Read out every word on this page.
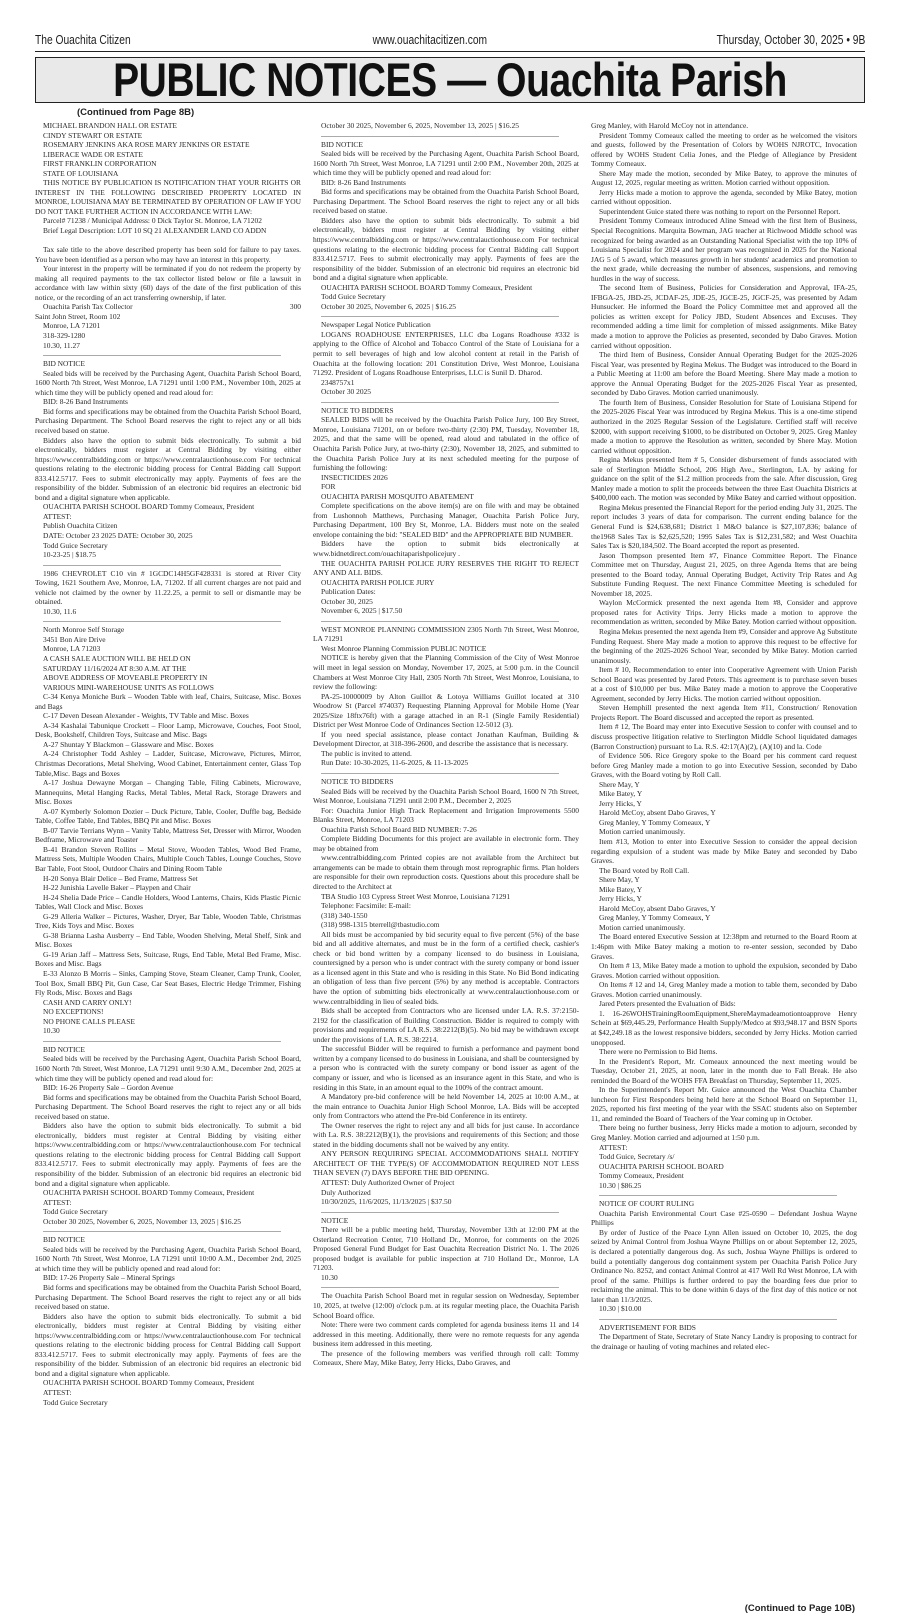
The Ouachita Citizen	www.ouachitacitizen.com	Thursday, October 30, 2025 • 9B
PUBLIC NOTICES — Ouachita Parish
(Continued from Page 8B)

MICHAEL BRANDON HALL OR ESTATE

CINDY STEWART OR ESTATE

ROSEMARY JENKINS AKA ROSE MARY JENKINS OR ESTATE

LIBERACE WADE OR ESTATE

FIRST FRANKLIN CORPORATION

STATE OF LOUISIANA

THIS NOTICE BY PUBLICATION IS NOTIFICATION THAT YOUR RIGHTS OR INTEREST IN THE FOLLOWING DESCRIBED PROPERTY LOCATED IN MONROE, LOUISIANA MAY BE TERMINATED BY OPERATION OF LAW IF YOU DO NOT TAKE FURTHER ACTION IN ACCORDANCE WITH LAW:

Parcel# 71238 / Municipal Address: 0 Dick Taylor St. Monroe, LA 71202

Brief Legal Description: LOT 10 SQ 21 ALEXANDER LAND CO ADDN

Tax sale title to the above described property has been sold for failure to pay taxes. You have been identified as a person who may have an interest in this property.

Your interest in the property will be terminated if you do not redeem the property by making all required payments to the tax collector listed below or file a lawsuit in accordance with law within sixty (60) days of the date of the first publication of this notice, or the recording of an act transferring ownership, if later.

Ouachita Parish Tax Collector	300

Saint John Street, Room 102

Monroe, LA 71201

318-329-1280

10.30, 11.27

BID NOTICE

Sealed bids will be received by the Purchasing Agent, Ouachita Parish School Board, 1600 North 7th Street, West Monroe, LA 71291 until 1:00 P.M., November 10th, 2025 at which time they will be publicly opened and read aloud for:

BID: 8-26 Band Instruments

Bid forms and specifications may be obtained from the Ouachita Parish School Board, Purchasing Department. The School Board reserves the right to reject any or all bids received based on statue.

Bidders also have the option to submit bids electronically. To submit a bid electronically, bidders must register at Central Bidding by visiting either https://www.centralbidding.com or https://www.centralauctionhouse.com For technical questions relating to the electronic bidding process for Central Bidding call Support 833.412.5717. Fees to submit electronically may apply. Payments of fees are the responsibility of the bidder. Submission of an electronic bid requires an electronic bid bond and a digital signature when applicable.

OUACHITA PARISH SCHOOL BOARD Tommy Comeaux, President

ATTEST:

Publish Ouachita Citizen

DATE: October 23 2025 DATE: October 30, 2025

Todd Guice Secretary

10-23-25 | $18.75

1986 CHEVROLET C10 vin # 1GCDC14H5GF428331 is stored at River City Towing, 1621 Southern Ave, Monroe, LA, 71202. If all current charges are not paid and vehicle not claimed by the owner by 11.22.25, a permit to sell or dismantle may be obtained.

10.30, 11.6

North Monroe Self Storage

3451 Bon Aire Drive

Monroe, LA 71203

A CASH SALE AUCTION WILL BE HELD ON

SATURDAY 11/16/2024 AT 8:30 A.M. AT THE

ABOVE ADDRESS OF MOVEABLE PROPERTY IN

VARIOUS MINI-WAREHOUSE UNITS AS FOLLOWS

C-34 Kenya Moniche Burk – Wooden Table with leaf, Chairs, Suitcase, Misc. Boxes and Bags

C-17 Deven Desean Alexander - Weights, TV Table and Misc. Boxes

A-34 Kashalai Tabunique Crockett – Floor Lamp, Microwave, Couches, Foot Stool, Desk, Bookshelf, Children Toys, Suitcase and Misc. Bags

A-27 Shuntay Y Blackmon – Glassware and Misc. Boxes

A-24 Christopher Todd Ashley – Ladder, Suitcase, Microwave, Pictures, Mirror, Christmas Decorations, Metal Shelving, Wood Cabinet, Entertainment center, Glass Top Table,Misc. Bags and Boxes

A-17 Joshua Dewayne Morgan – Changing Table, Filing Cabinets, Microwave, Mannequins, Metal Hanging Racks, Metal Tables, Metal Rack, Storage Drawers and Misc. Boxes

A-07 Kymberly Solomon Dozier – Duck Picture, Table, Cooler, Duffle bag, Bedside Table, Coffee Table, End Tables, BBQ Pit and Misc. Boxes

B-07 Tarvie Terrians Wynn – Vanity Table, Mattress Set, Dresser with Mirror, Wooden Bedframe, Microwave and Toaster

B-41 Brandon Steven Rollins – Metal Stove, Wooden Tables, Wood Bed Frame, Mattress Sets, Multiple Wooden Chairs, Multiple Couch Tables, Lounge Couches, Stove Bar Table, Foot Stool, Outdoor Chairs and Dining Room Table

H-20 Sonya Blair Delice – Bed Frame, Mattress Set

H-22 Junishia Lavelle Baker – Playpen and Chair

H-24 Shelia Dade Price – Candle Holders, Wood Lanterns, Chairs, Kids Plastic Picnic Tables, Wall Clock and Misc. Boxes

G-29 Alleria Walker – Pictures, Washer, Dryer, Bar Table, Wooden Table, Christmas Tree, Kids Toys and Misc. Boxes

G-38 Brianna Lasha Ausberry – End Table, Wooden Shelving, Metal Shelf, Sink and Misc. Boxes

G-19 Arian Jaff – Mattress Sets, Suitcase, Rugs, End Table, Metal Bed Frame, Misc. Boxes and Misc. Bags

E-33 Alonzo B Morris – Sinks, Camping Stove, Steam Cleaner, Camp Trunk, Cooler, Tool Box, Small BBQ Pit, Gun Case, Car Seat Bases, Electric Hedge Trimmer, Fishing Fly Rods, Misc. Boxes and Bags

CASH AND CARRY ONLY!

NO EXCEPTIONS!

NO PHONE CALLS PLEASE

10.30

BID NOTICE

Sealed bids will be received by the Purchasing Agent, Ouachita Parish School Board, 1600 North 7th Street, West Monroe, LA 71291 until 9:30 A.M., December 2nd, 2025 at which time they will be publicly opened and read aloud for:

BID: 16-26 Property Sale – Gordon Avenue

Bid forms and specifications may be obtained from the Ouachita Parish School Board, Purchasing Department. The School Board reserves the right to reject any or all bids received based on statue.

Bidders also have the option to submit bids electronically. To submit a bid electronically, bidders must register at Central Bidding by visiting either https://www.centralbidding.com or https://www.centralauctionhouse.com For technical questions relating to the electronic bidding process for Central Bidding call Support 833.412.5717. Fees to submit electronically may apply. Payments of fees are the responsibility of the bidder. Submission of an electronic bid requires an electronic bid bond and a digital signature when applicable.

OUACHITA PARISH SCHOOL BOARD Tommy Comeaux, President

ATTEST:

Todd Guice Secretary

October 30 2025, November 6, 2025, November 13, 2025 | $16.25

BID NOTICE

Sealed bids will be received by the Purchasing Agent, Ouachita Parish School Board, 1600 North 7th Street, West Monroe, LA 71291 until 10:00 A.M., December 2nd, 2025 at which time they will be publicly opened and read aloud for:

BID: 17-26 Property Sale – Mineral Springs

Bid forms and specifications may be obtained from the Ouachita Parish School Board, Purchasing Department. The School Board reserves the right to reject any or all bids received based on statue.

Bidders also have the option to submit bids electronically. To submit a bid electronically, bidders must register at Central Bidding by visiting either https://www.centralbidding.com or https://www.centralauctionhouse.com For technical questions relating to the electronic bidding process for Central Bidding call Support 833.412.5717. Fees to submit electronically may apply. Payments of fees are the responsibility of the bidder. Submission of an electronic bid requires an electronic bid bond and a digital signature when applicable.

OUACHITA PARISH SCHOOL BOARD Tommy Comeaux, President

ATTEST:

Todd Guice Secretary

October 30 2025, November 6, 2025, November 13, 2025 | $16.25

BID NOTICE

Sealed bids will be received by the Purchasing Agent, Ouachita Parish School Board, 1600 North 7th Street, West Monroe, LA 71291 until 2:00 P.M., November 20th, 2025 at which time they will be publicly opened and read aloud for:

BID: 8-26 Band Instruments

Bid forms and specifications may be obtained from the Ouachita Parish School Board, Purchasing Department. The School Board reserves the right to reject any or all bids received based on statue.

Bidders also have the option to submit bids electronically. To submit a bid electronically, bidders must register at Central Bidding by visiting either https://www.centralbidding.com or https://www.centralauctionhouse.com For technical questions relating to the electronic bidding process for Central Bidding call Support 833.412.5717. Fees to submit electronically may apply. Payments of fees are the responsibility of the bidder. Submission of an electronic bid requires an electronic bid bond and a digital signature when applicable.

OUACHITA PARISH SCHOOL BOARD Tommy Comeaux, President

Todd Guice Secretary

October 30 2025, November 6, 2025 | $16.25

Newspaper Legal Notice Publication

LOGANS ROADHOUSE ENTERPRISES, LLC dba Logans Roadhouse #332 is applying to the Office of Alcohol and Tobacco Control of the State of Louisiana for a permit to sell beverages of high and low alcohol content at retail in the Parish of Ouachita at the following location: 201 Constitution Drive, West Monroe, Louisiana 71292. President of Logans Roadhouse Enterprises, LLC is Sunil D. Dharod.

2348757x1

October 30 2025

NOTICE TO BIDDERS

SEALED BIDS will be received by the Ouachita Parish Police Jury, 100 Bry Street, Monroe, Louisiana 71201, on or before two-thirty (2:30) PM, Tuesday, November 18, 2025, and that the same will be opened, read aloud and tabulated in the office of Ouachita Parish Police Jury, at two-thirty (2:30), November 18, 2025, and submitted to the Ouachita Parish Police Jury at its next scheduled meeting for the purpose of furnishing the following:

INSECTICIDES 2026

FOR

OUACHITA PARISH MOSQUITO ABATEMENT

Complete specifications on the above item(s) are on file with and may be obtained from Lushonnoh Matthews, Purchasing Manager, Ouachita Parish Police Jury, Purchasing Department, 100 Bry St, Monroe, LA. Bidders must note on the sealed envelope containing the bid: "SEALED BID" and the APPROPRIATE BID NUMBER.

Bidders have the option to submit bids electronically at www.bidnetdirect.com/ouachitaparishpolicejury .

THE OUACHITA PARISH POLICE JURY RESERVES THE RIGHT TO REJECT ANY AND ALL BIDS.

OUACHITA PARISH POLICE JURY

Publication Dates:

October 30, 2025

November 6, 2025 | $17.50

WEST MONROE PLANNING COMMISSION 2305 North 7th Street, West Monroe, LA 71291

West Monroe Planning Commission PUBLIC NOTICE

NOTICE is hereby given that the Planning Commission of the City of West Monroe will meet in legal session on Monday, November 17, 2025, at 5:00 p.m. in the Council Chambers at West Monroe City Hall, 2305 North 7th Street, West Monroe, Louisiana, to review the following:

PA-25-10000009 by Alton Guillot & Lotoya Williams Guillot located at 310 Woodrow St (Parcel #74037) Requesting Planning Approval for Mobile Home (Year 2025/Size 18ftx76ft) with a garage attached in an R-1 (Single Family Residential) District per West Monroe Code of Ordinances Section 12-5012 (3).

If you need special assistance, please contact Jonathan Kaufman, Building & Development Director, at 318-396-2600, and describe the assistance that is necessary.

The public is invited to attend.

Run Date: 10-30-2025, 11-6-2025, & 11-13-2025

NOTICE TO BIDDERS

Sealed Bids will be received by the Ouachita Parish School Board, 1600 N 7th Street, West Monroe, Louisiana 71291 until 2:00 P.M., December 2, 2025

For: Ouachita Junior High Track Replacement and Irrigation Improvements 5500 Blanks Street, Monroe, LA 71203

Ouachita Parish School Board BID NUMBER: 7-26

Complete Bidding Documents for this project are available in electronic form. They may be obtained from

www.centralbidding.com Printed copies are not available from the Architect but arrangements can be made to obtain them through most reprographic firms. Plan holders are responsible for their own reproduction costs. Questions about this procedure shall be directed to the Architect at

TBA Studio 103 Cypress Street West Monroe, Louisiana 71291

Telephone: Facsimile: E-mail:

(318) 340-1550

(318) 998-1315 bterrell@tbastudio.com

All bids must be accompanied by bid security equal to five percent (5%) of the base bid and all additive alternates, and must be in the form of a certified check, cashier's check or bid bond written by a company licensed to do business in Louisiana, countersigned by a person who is under contract with the surety company or bond issuer as a licensed agent in this State and who is residing in this State. No Bid Bond indicating an obligation of less than five percent (5%) by any method is acceptable. Contractors have the option of submitting bids electronically at www.centralauctionhouse.com or www.centralbidding in lieu of sealed bids.

Bids shall be accepted from Contractors who are licensed under LA. R.S. 37:2150-2192 for the classification of Building Construction. Bidder is required to comply with provisions and requirements of LA R.S. 38:2212(B)(5). No bid may be withdrawn except under the provisions of LA. R.S. 38:2214.

The successful Bidder will be required to furnish a performance and payment bond written by a company licensed to do business in Louisiana, and shall be countersigned by a person who is contracted with the surety company or bond issuer as agent of the company or issuer, and who is licensed as an insurance agent in this State, and who is residing in this State, in an amount equal to the 100% of the contract amount.

A Mandatory pre-bid conference will be held November 14, 2025 at 10:00 A.M., at the main entrance to Ouachita Junior High School Monroe, LA. Bids will be accepted only from Contractors who attend the Pre-bid Conference in its entirety.

The Owner reserves the right to reject any and all bids for just cause. In accordance with La. R.S. 38:2212(B)(1), the provisions and requirements of this Section; and those stated in the bidding documents shall not be waived by any entity.

ANY PERSON REQUIRING SPECIAL ACCOMMODATIONS SHALL NOTIFY ARCHITECT OF THE TYPE(S) OF ACCOMMODATION REQUIRED NOT LESS THAN SEVEN (7) DAYS BEFORE THE BID OPENING.

ATTEST: Duly Authorized Owner of Project

Duly Authorized

10/30/2025, 11/6/2025, 11/13/2025 | $37.50

NOTICE

There will be a public meeting held, Thursday, November 13th at 12:00 PM at the Osterland Recreation Center, 710 Holland Dr., Monroe, for comments on the 2026 Proposed General Fund Budget for East Ouachita Recreation District No. 1. The 2026 proposed budget is available for public inspection at 710 Holland Dr., Monroe, LA 71203.

10.30

The Ouachita Parish School Board met in regular session on Wednesday, September 10, 2025, at twelve (12:00) o'clock p.m. at its regular meeting place, the Ouachita Parish School Board office.

Note: There were two comment cards completed for agenda business items 11 and 14 addressed in this meeting. Additionally, there were no remote requests for any agenda business item addressed in this meeting.

The presence of the following members was verified through roll call: Tommy Comeaux, Shere May, Mike Batey, Jerry Hicks, Dabo Graves, and

Greg Manley, with Harold McCoy not in attendance.

President Tommy Comeaux called the meeting to order as he welcomed the visitors and guests, followed by the Presentation of Colors by WOHS NJROTC, Invocation offered by WOHS Student Celia Jones, and the Pledge of Allegiance by President Tommy Comeaux.

Shere May made the motion, seconded by Mike Batey, to approve the minutes of August 12, 2025, regular meeting as written. Motion carried without opposition.

Jerry Hicks made a motion to approve the agenda, seconded by Mike Batey, motion carried without opposition.

Superintendent Guice stated there was nothing to report on the Personnel Report.

President Tommy Comeaux introduced Aline Smead with the first Item of Business, Special Recognitions. Marquita Bowman, JAG teacher at Richwood Middle school was recognized for being awarded as an Outstanding National Specialist with the top 10% of Louisiana Specialist for 2024 and her program was recognized in 2025 for the National JAG 5 of 5 award, which measures growth in her students' academics and promotion to the next grade, while decreasing the number of absences, suspensions, and removing hurdles in the way of success.

The second Item of Business, Policies for Consideration and Approval, IFA-25, IFBGA-25, JBD-25, JCDAF-25, JDE-25, JGCE-25, JGCF-25, was presented by Adam Hunsucker. He informed the Board the Policy Committee met and approved all the policies as written except for Policy JBD, Student Absences and Excuses. They recommended adding a time limit for completion of missed assignments. Mike Batey made a motion to approve the Policies as presented, seconded by Dabo Graves. Motion carried without opposition.

The third Item of Business, Consider Annual Operating Budget for the 2025-2026 Fiscal Year, was presented by Regina Mekus. The Budget was introduced to the Board in a Public Meeting at 11:00 am before the Board Meeting. Shere May made a motion to approve the Annual Operating Budget for the 2025-2026 Fiscal Year as presented, seconded by Dabo Graves. Motion carried unanimously.

The fourth Item of Business, Consider Resolution for State of Louisiana Stipend for the 2025-2026 Fiscal Year was introduced by Regina Mekus. This is a one-time stipend authorized in the 2025 Regular Session of the Legislature. Certified staff will receive $2000, with support receiving $1000, to be distributed on October 9, 2025. Greg Manley made a motion to approve the Resolution as written, seconded by Shere May. Motion carried without opposition.

Regina Mekus presented Item # 5, Consider disbursement of funds associated with sale of Sterlington Middle School, 206 High Ave., Sterlington, LA. by asking for guidance on the split of the $1.2 million proceeds from the sale. After discussion, Greg Manley made a motion to split the proceeds between the three East Ouachita Districts at $400,000 each. The motion was seconded by Mike Batey and carried without opposition.

Regina Mekus presented the Financial Report for the period ending July 31, 2025. The report includes 3 years of data for comparison. The current ending balance for the General Fund is $24,638,681; District 1 M&O balance is $27,107,836; balance of the1968 Sales Tax is $2,625,520; 1995 Sales Tax is $12,231,582; and West Ouachita Sales Tax is $20,184,502. The Board accepted the report as presented.

Jason Thompson presented Item #7, Finance Committee Report. The Finance Committee met on Thursday, August 21, 2025, on three Agenda Items that are being presented to the Board today, Annual Operating Budget, Activity Trip Rates and Ag Substitute Funding Request. The next Finance Committee Meeting is scheduled for November 18, 2025.

Waylon McCormick presented the next agenda Item #8, Consider and approve proposed rates for Activity Trips. Jerry Hicks made a motion to approve the recommendation as written, seconded by Mike Batey. Motion carried without opposition.

Regina Mekus presented the next agenda Item #9, Consider and approve Ag Substitute Funding Request. Shere May made a motion to approve this request to be effective for the beginning of the 2025-2026 School Year, seconded by Mike Batey. Motion carried unanimously.

Item # 10, Recommendation to enter into Cooperative Agreement with Union Parish School Board was presented by Jared Peters. This agreement is to purchase seven buses at a cost of $10,000 per bus. Mike Batey made a motion to approve the Cooperative Agreement, seconded by Jerry Hicks. The motion carried without opposition.

Steven Hemphill presented the next agenda Item #11, Construction/ Renovation Projects Report. The Board discussed and accepted the report as presented.

Item # 12, The Board may enter into Executive Session to confer with counsel and to discuss prospective litigation relative to Sterlington Middle School liquidated damages (Barron Construction) pursuant to La. R.S. 42:17(A)(2), (A)(10) and la. Code

of Evidence 506. Rice Gregory spoke to the Board per his comment card request before Greg Manley made a motion to go into Executive Session, seconded by Dabo Graves, with the Board voting by Roll Call.

Shere May, Y

Mike Batey, Y

Jerry Hicks, Y

Harold McCoy, absent Dabo Graves, Y

Greg Manley, Y Tommy Comeaux, Y

Motion carried unanimously.

Item #13, Motion to enter into Executive Session to consider the appeal decision regarding expulsion of a student was made by Mike Batey and seconded by Dabo Graves.

The Board voted by Roll Call.

Shere May, Y

Mike Batey, Y

Jerry Hicks, Y

Harold McCoy, absent Dabo Graves, Y

Greg Manley, Y Tommy Comeaux, Y

Motion carried unanimously.

The Board entered Executive Session at 12:38pm and returned to the Board Room at 1:46pm with Mike Batey making a motion to re-enter session, seconded by Dabo Graves.

On Item # 13, Mike Batey made a motion to uphold the expulsion, seconded by Dabo Graves. Motion carried without opposition.

On Items # 12 and 14, Greg Manley made a motion to table them, seconded by Dabo Graves. Motion carried unanimously.

Jared Peters presented the Evaluation of Bids:

1. 16-26WOHSTrainingRoomEquipment,ShereMaymadeamotiontoapprove Henry Schein at $69,445.29, Performance Health Supply/Medco at $93,948.17 and BSN Sports at $42,249.18 as the lowest responsive bidders, seconded by Jerry Hicks. Motion carried unopposed.

There were no Permission to Bid Items.

In the President's Report, Mr. Comeaux announced the next meeting would be Tuesday, October 21, 2025, at noon, later in the month due to Fall Break. He also reminded the Board of the WOHS FFA Breakfast on Thursday, September 11, 2025.

In the Superintendent's Report Mr. Guice announced the West Ouachita Chamber luncheon for First Responders being held here at the School Board on September 11, 2025, reported his first meeting of the year with the SSAC students also on September 11, and reminded the Board of Teachers of the Year coming up in October.

There being no further business, Jerry Hicks made a motion to adjourn, seconded by Greg Manley. Motion carried and adjourned at 1:50 p.m.

ATTEST:

Todd Guice, Secretary /s/

OUACHITA PARISH SCHOOL BOARD

Tommy Comeaux, President

10.30 | $86.25

NOTICE OF COURT RULING

Ouachita Parish Environmental Court Case #25-0590 – Defendant Joshua Wayne Phillips

By order of Justice of the Peace Lynn Allen issued on October 10, 2025, the dog seized by Animal Control from Joshua Wayne Phillips on or about September 12, 2025, is declared a potentially dangerous dog. As such, Joshua Wayne Phillips is ordered to build a potentially dangerous dog containment system per Ouachita Parish Police Jury Ordinance No. 8252, and contact Animal Control at 417 Well Rd West Monroe, LA with proof of the same. Phillips is further ordered to pay the boarding fees due prior to reclaiming the animal. This to be done within 6 days of the first day of this notice or not later than 11/3/2025.

10.30 | $10.00

ADVERTISEMENT FOR BIDS

The Department of State, Secretary of State Nancy Landry is proposing to contract for the drainage or hauling of voting machines and related elec-

(Continued to Page 10B)
